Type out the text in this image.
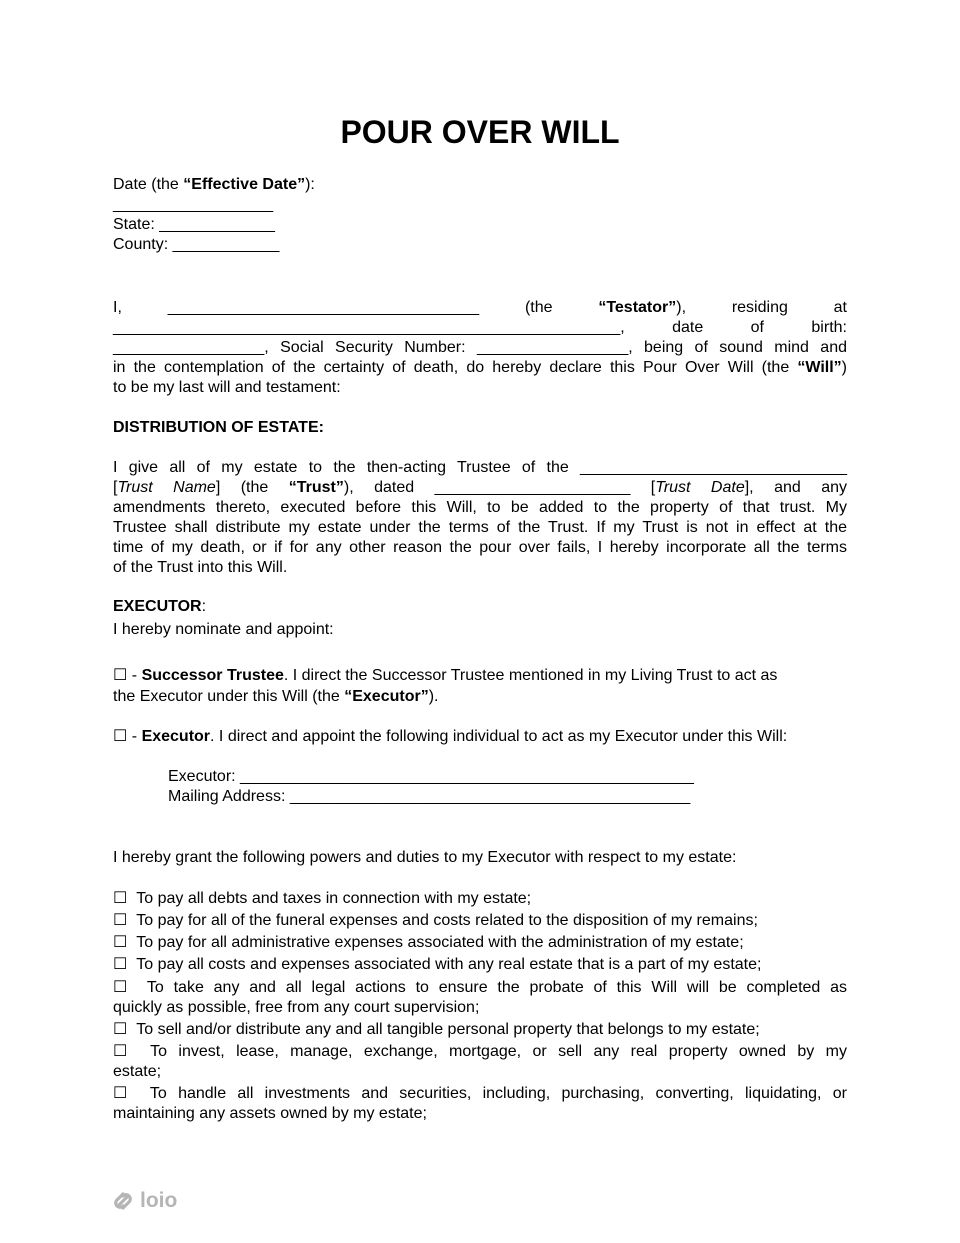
POUR OVER WILL
Date (the “Effective Date”):
__________________
State: _____________
County: ____________
I,	___________________________________	(the	“Testator”),	residing	at
_________________________________________________________,	date	of	birth:
_________________, Social Security Number: _________________, being of sound mind and
in the contemplation of the certainty of death, do hereby declare this Pour Over Will (the “Will”)
to be my last will and testament:
DISTRIBUTION OF ESTATE:
I give all of my estate to the then-acting Trustee of the ______________________________
[Trust Name] (the “Trust”), dated ______________________ [Trust Date], and any
amendments thereto, executed before this Will, to be added to the property of that trust. My
Trustee shall distribute my estate under the terms of the Trust. If my Trust is not in effect at the
time of my death, or if for any other reason the pour over fails, I hereby incorporate all the terms
of the Trust into this Will.
EXECUTOR:
I hereby nominate and appoint:
☐ - Successor Trustee. I direct the Successor Trustee mentioned in my Living Trust to act as
the Executor under this Will (the “Executor”).
☐ - Executor. I direct and appoint the following individual to act as my Executor under this Will:
Executor: ___________________________________________________
Mailing Address: _____________________________________________
I hereby grant the following powers and duties to my Executor with respect to my estate:
☐ To pay all debts and taxes in connection with my estate;
☐ To pay for all of the funeral expenses and costs related to the disposition of my remains;
☐ To pay for all administrative expenses associated with the administration of my estate;
☐ To pay all costs and expenses associated with any real estate that is a part of my estate;
☐ To take any and all legal actions to ensure the probate of this Will will be completed as
quickly as possible, free from any court supervision;
☐ To sell and/or distribute any and all tangible personal property that belongs to my estate;
☐ To invest, lease, manage, exchange, mortgage, or sell any real property owned by my
estate;
☐ To handle all investments and securities, including, purchasing, converting, liquidating, or
maintaining any assets owned by my estate;
loio
